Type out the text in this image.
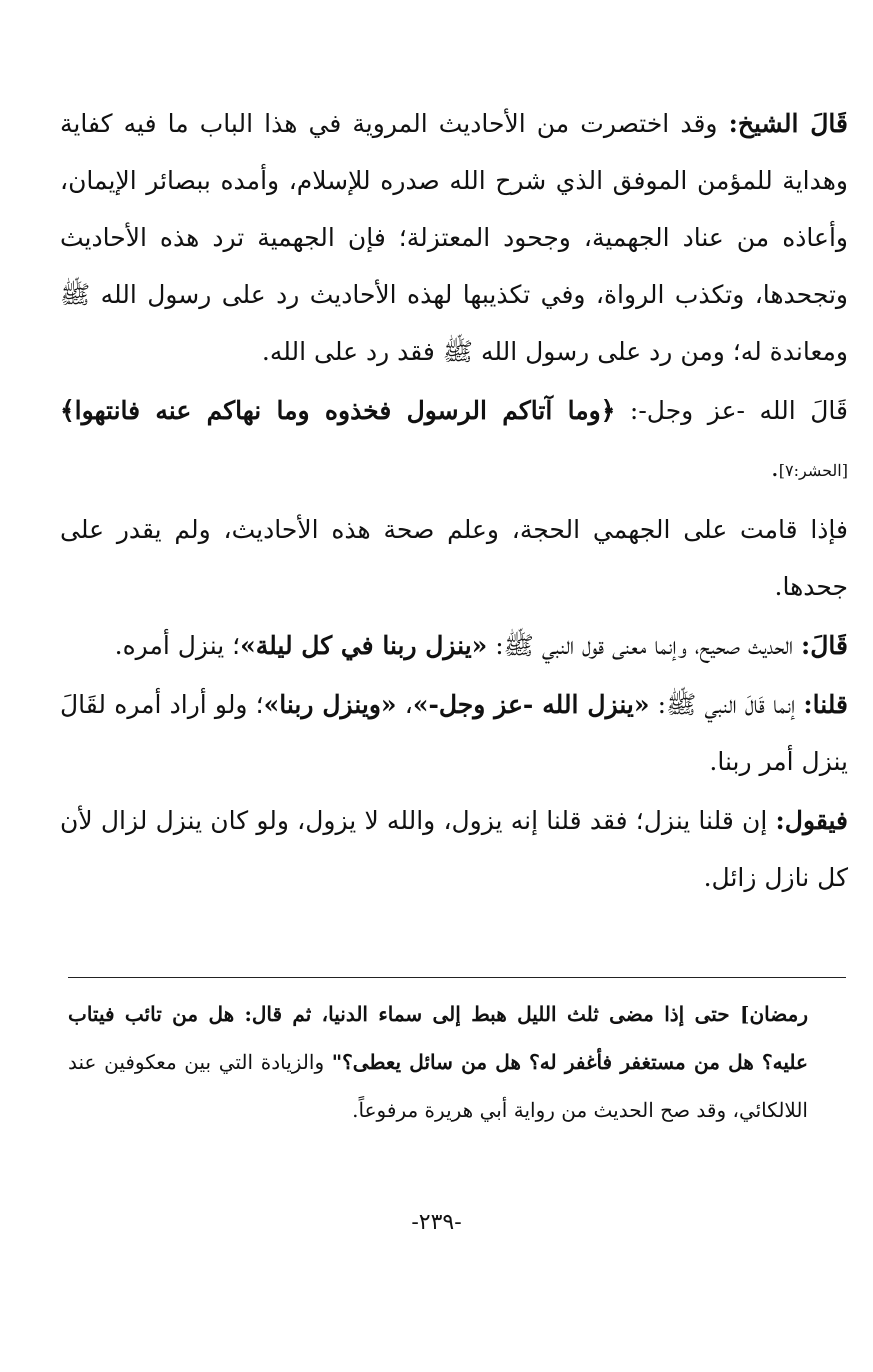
قَالَ الشيخ: وقد اختصرت من الأحاديث المروية في هذا الباب ما فيه كفاية وهداية للمؤمن الموفق الذي شرح الله صدره للإسلام، وأمده ببصائر الإيمان، وأعاذه من عناد الجهمية، وجحود المعتزلة؛ فإن الجهمية ترد هذه الأحاديث وتجحدها، وتكذب الرواة، وفي تكذيبها لهذه الأحاديث رد على رسول الله ﷺ ومعاندة له؛ ومن رد على رسول الله ﷺ فقد رد على الله.

قَالَ الله -عز وجل-: ﴿وما آتاكم الرسول فخذوه وما نهاكم عنه فانتهوا﴾[الحشر:٧].

فإذا قامت على الجهمي الحجة، وعلم صحة هذه الأحاديث، ولم يقدر على جحدها.

قَالَ: الحديث صحيح، وإنما معنى قول النبي ﷺ: «ينزل ربنا في كل ليلة»؛ ينزل أمره.

قلنا: إنما قَالَ النبي ﷺ: «ينزل الله -عز وجل-»، «وينزل ربنا»؛ ولو أراد أمره لقَالَ ينزل أمر ربنا.

فيقول: إن قلنا ينزل؛ فقد قلنا إنه يزول، والله لا يزول، ولو كان ينزل لزال لأن كل نازل زائل.

رمضان] حتى إذا مضى ثلث الليل هبط إلى سماء الدنيا، ثم قال: هل من تائب فيتاب عليه؟ هل من مستغفر فأغفر له؟ هل من سائل يعطى؟" والزيادة التي بين معكوفين عند اللالكائي، وقد صح الحديث من رواية أبي هريرة مرفوعاً.

-٢٣٩-
